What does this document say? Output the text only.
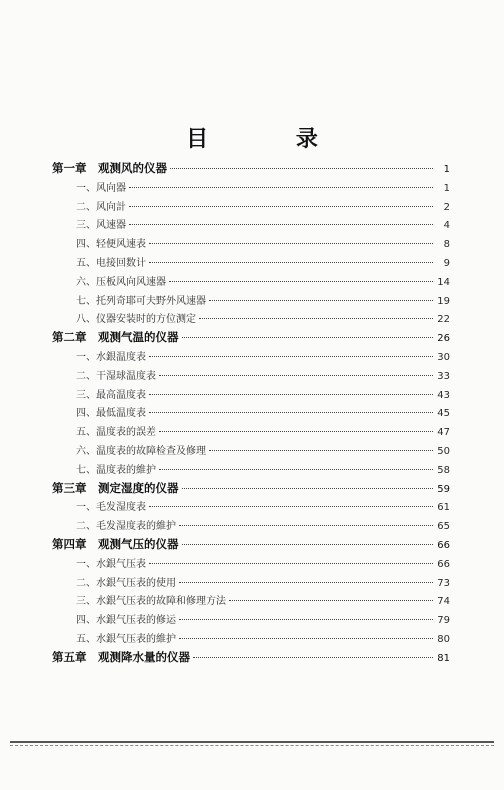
目 录
第一章　观测风的仪器	1
一、风向器	1
二、风向計	2
三、风速器	4
四、轻便风速表	8
五、电接回数计	9
六、压板风向风速器	14
七、托列奇耶可夫野外风速器	19
八、仪器安装时的方位测定	22
第二章　观测气温的仪器	26
一、水銀温度表	30
二、干湿球温度表	33
三、最高温度表	43
四、最低温度表	45
五、温度表的誤差	47
六、温度表的故障检查及修理	50
七、温度表的維护	58
第三章　测定湿度的仪器	59
一、毛发湿度表	61
二、毛发湿度表的維护	65
第四章　观测气压的仪器	66
一、水銀气压表	66
二、水銀气压表的使用	73
三、水銀气压表的故障和修理方法	74
四、水銀气压表的修运	79
五、水銀气压表的維护	80
第五章　观测降水量的仪器	81
